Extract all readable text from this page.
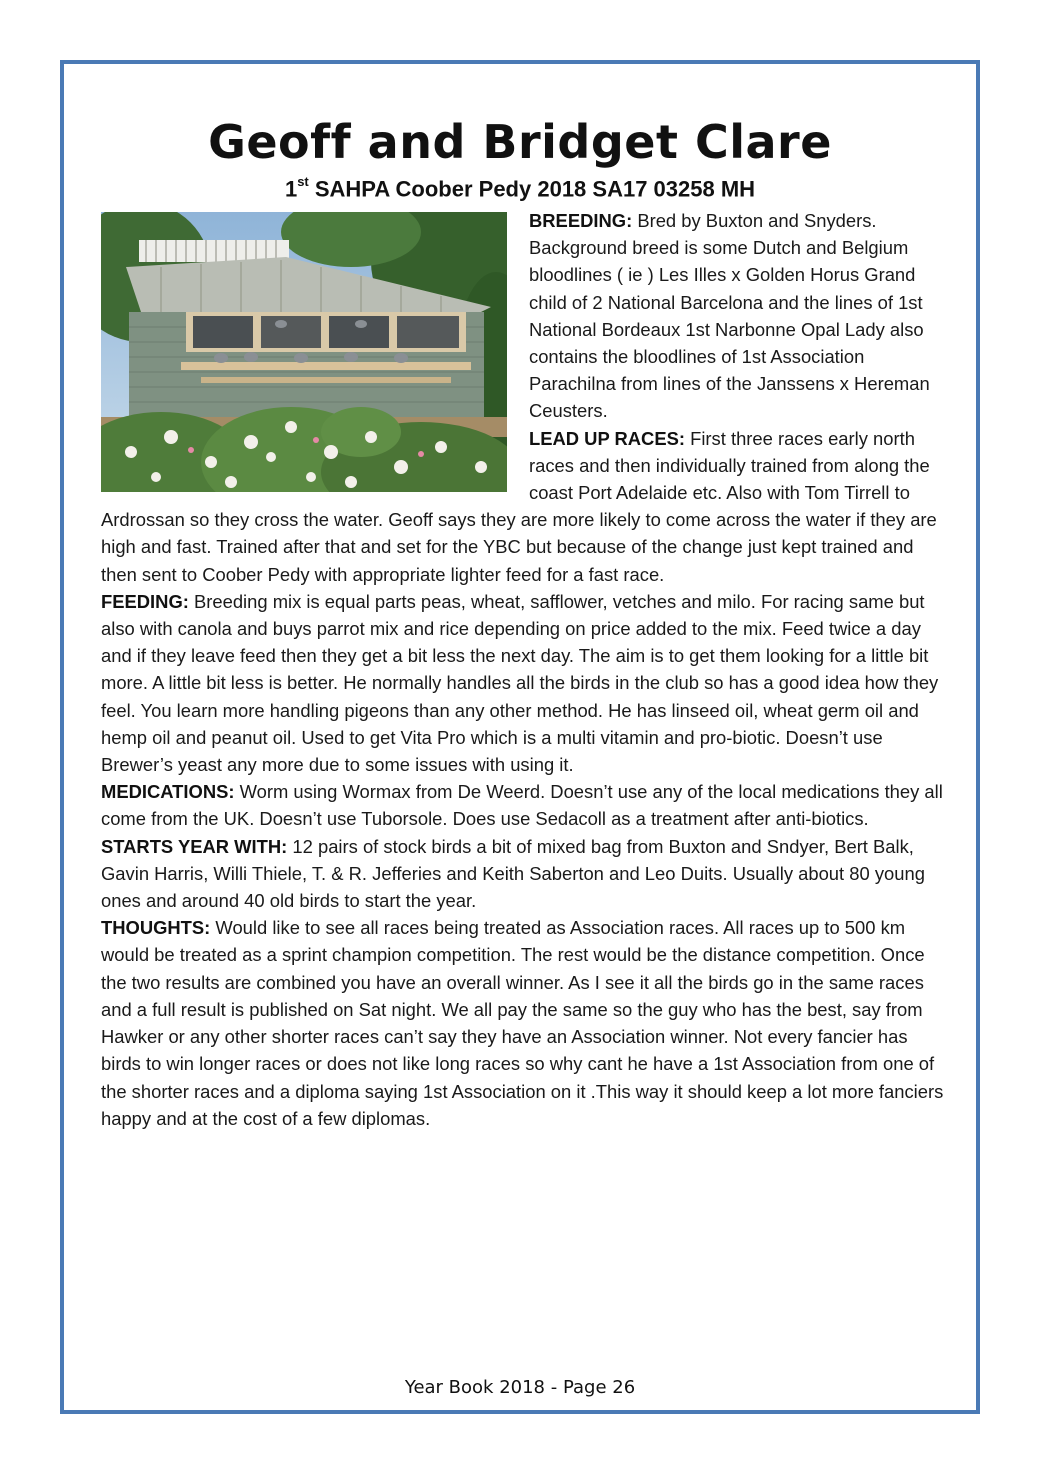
Geoff and Bridget Clare
1st SAHPA Coober Pedy 2018 SA17 03258 MH

BREEDING: Bred by Buxton and Snyders. Background breed is some Dutch and Belgium bloodlines ( ie ) Les Illes x Golden Horus Grand child of 2 National Barcelona and the lines of 1st National Bordeaux 1st Narbonne Opal Lady also contains the bloodlines of 1st Association Parachilna from lines of the Janssens x Hereman Ceusters.

LEAD UP RACES: First three races early north races and then individually trained from along the coast Port Adelaide etc. Also with Tom Tirrell to Ardrossan so they cross the water. Geoff says they are more likely to come across the water if they are high and fast. Trained after that and set for the YBC but because of the change just kept trained and then sent to Coober Pedy with appropriate lighter feed for a fast race.

FEEDING: Breeding mix is equal parts peas, wheat, safflower, vetches and milo. For racing same but also with canola and buys parrot mix and rice depending on price added to the mix. Feed twice a day and if they leave feed then they get a bit less the next day. The aim is to get them looking for a little bit more. A little bit less is better. He normally handles all the birds in the club so has a good idea how they feel. You learn more handling pigeons than any other method. He has linseed oil, wheat germ oil and hemp oil and peanut oil. Used to get Vita Pro which is a multi vitamin and pro-biotic. Doesn’t use Brewer’s yeast any more due to some issues with using it.

MEDICATIONS: Worm using Wormax from De Weerd. Doesn’t use any of the local medications they all come from the UK. Doesn’t use Tuborsole. Does use Sedacoll as a treatment after anti-biotics.

STARTS YEAR WITH: 12 pairs of stock birds a bit of mixed bag from Buxton and Sndyer, Bert Balk, Gavin Harris, Willi Thiele, T. & R. Jefferies and Keith Saberton and Leo Duits. Usually about 80 young ones and around 40 old birds to start the year.

THOUGHTS: Would like to see all races being treated as Association races. All races up to 500 km would be treated as a sprint champion competition. The rest would be the distance competition. Once the two results are combined you have an overall winner. As I see it all the birds go in the same races and a full result is published on Sat night. We all pay the same so the guy who has the best, say from Hawker or any other shorter races can’t say they have an Association winner. Not every fancier has birds to win longer races or does not like long races so why cant he have a 1st Association from one of the shorter races and a diploma saying 1st Association on it .This way it should keep a lot more fanciers happy and at the cost of a few diplomas.

Year Book 2018 - Page 26
